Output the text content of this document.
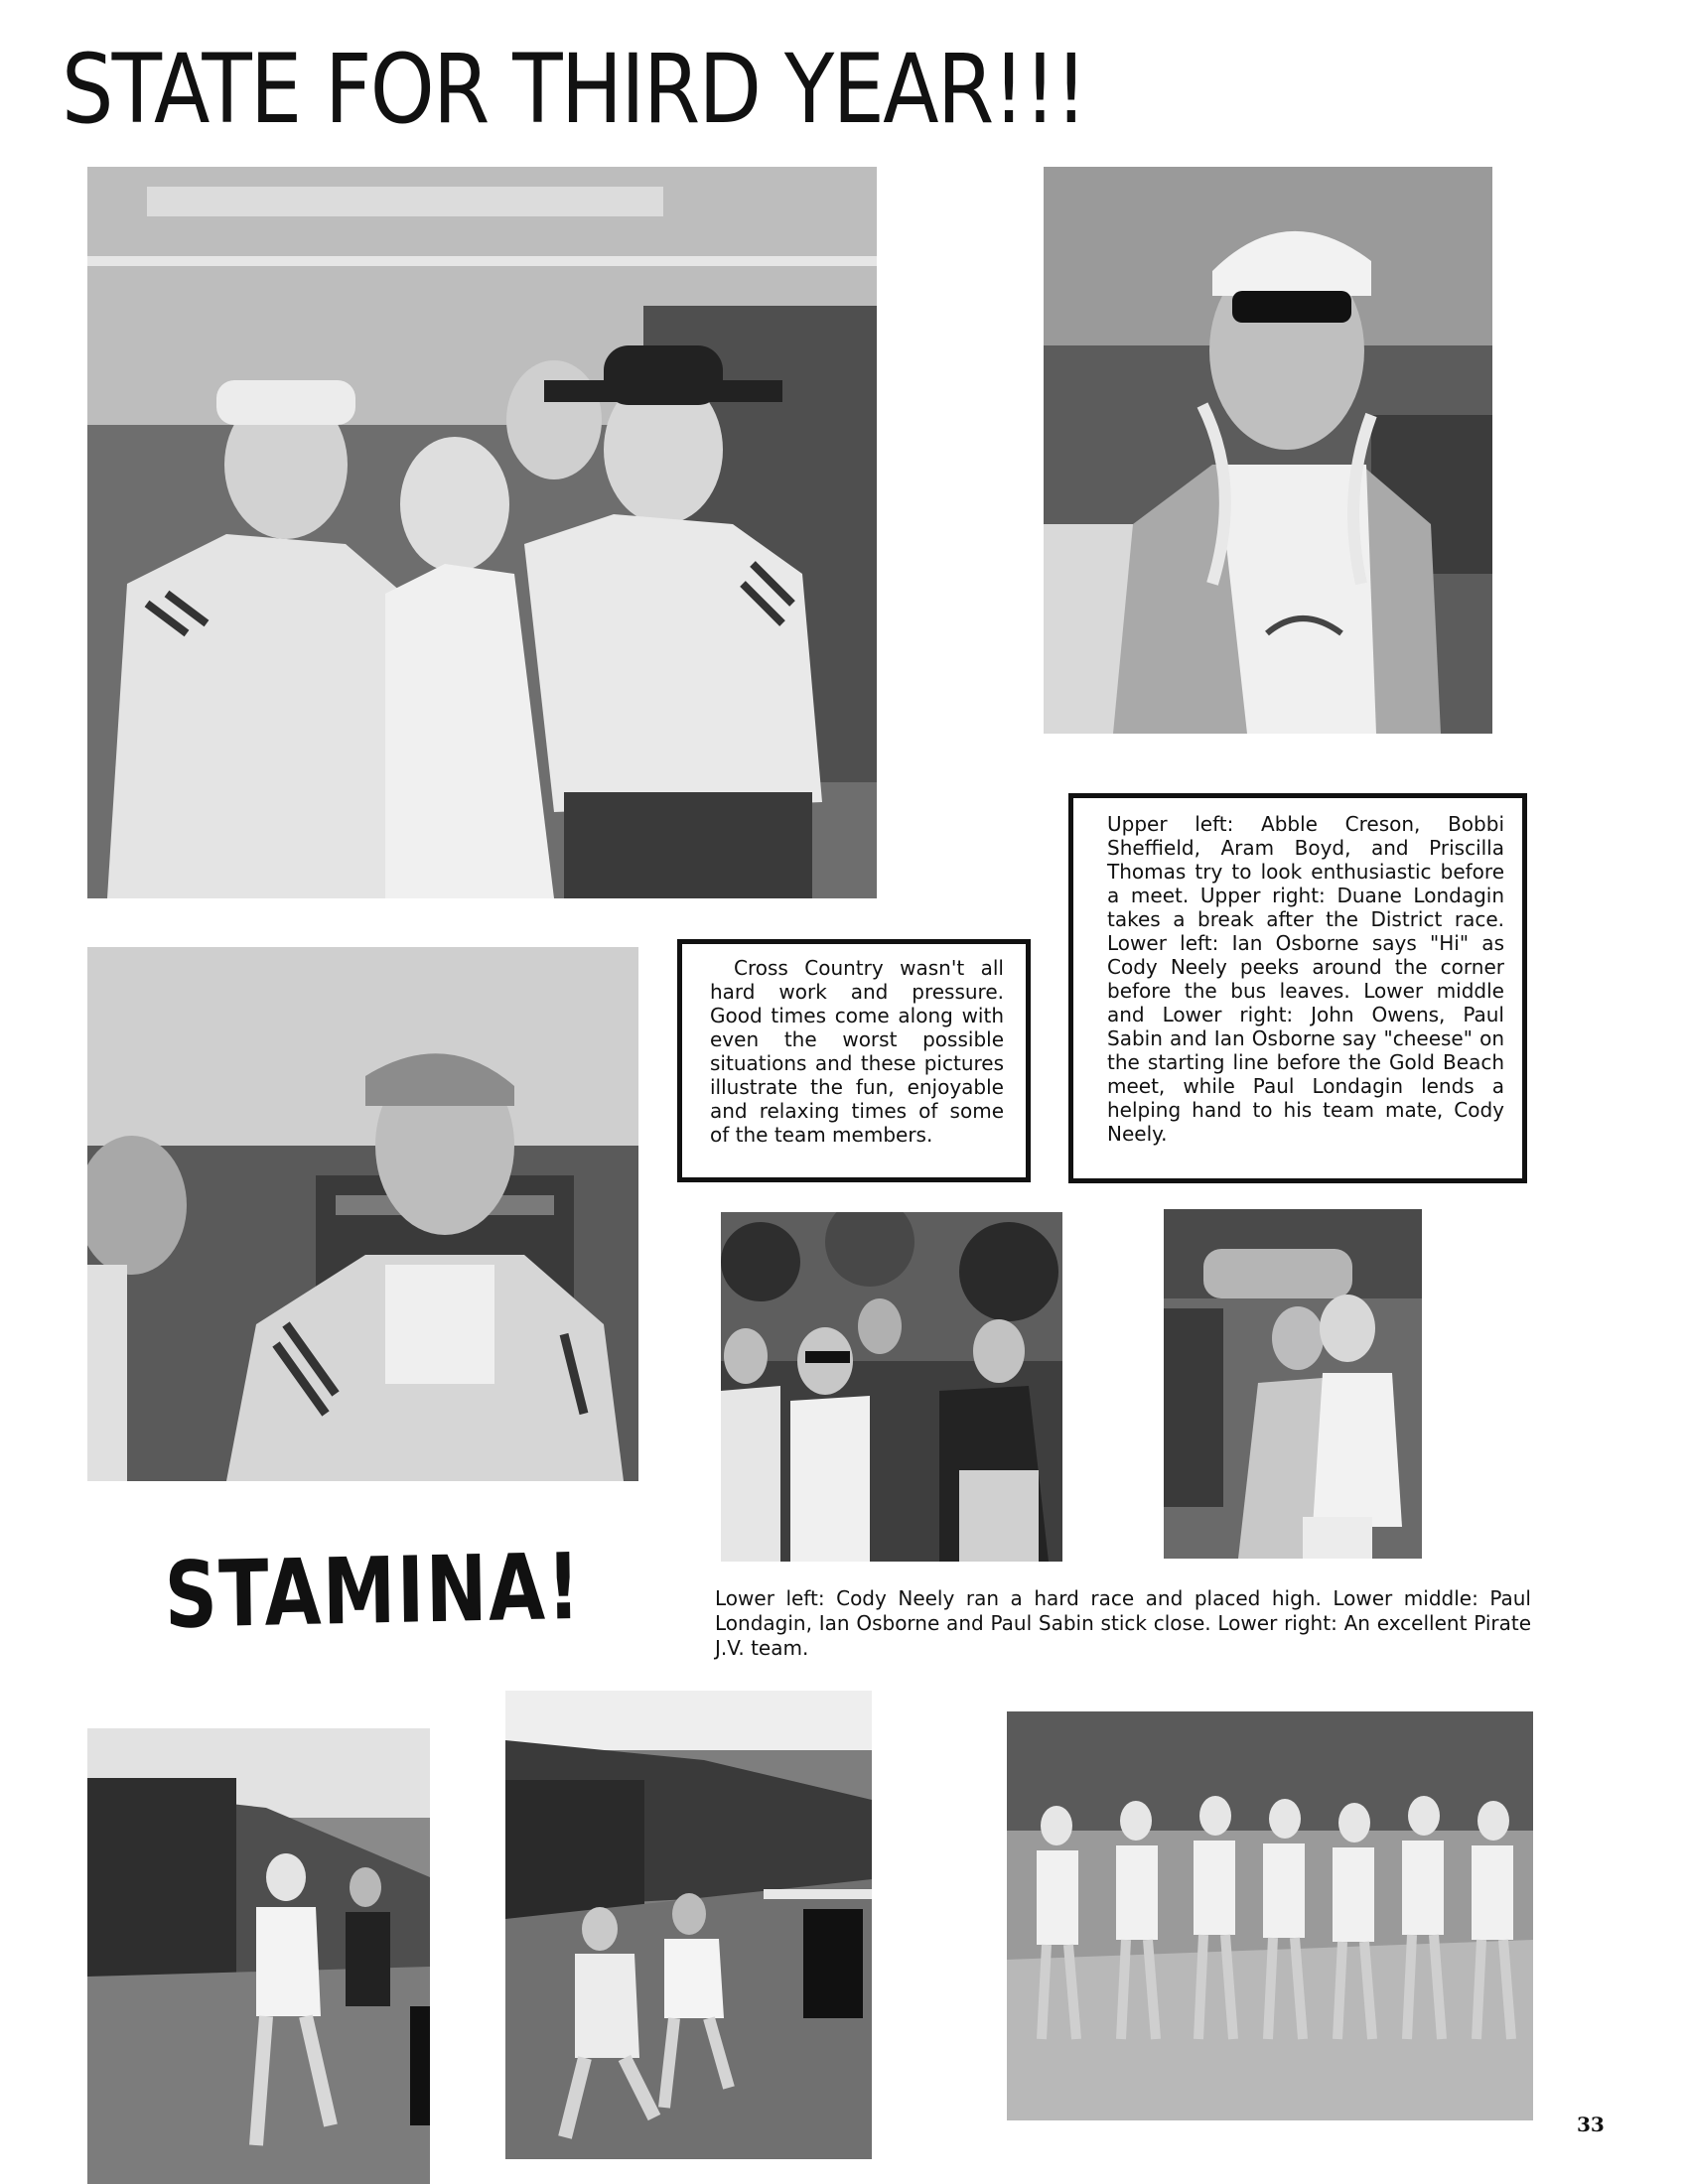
STATE FOR THIRD YEAR!!!

Cross Country wasn't all hard work and pressure. Good times come along with even the worst possible situations and these pictures illustrate the fun, enjoyable and relaxing times of some of the team members.

Upper left: Abble Creson, Bobbi Sheffield, Aram Boyd, and Priscilla Thomas try to look enthusiastic before a meet. Upper right: Duane Londagin takes a break after the District race. Lower left: Ian Osborne says "Hi" as Cody Neely peeks around the corner before the bus leaves. Lower middle and Lower right: John Owens, Paul Sabin and Ian Osborne say "cheese" on the starting line before the Gold Beach meet, while Paul Londagin lends a helping hand to his team mate, Cody Neely.

STAMINA!	Lower left: Cody Neely ran a hard race and placed high. Lower middle: Paul Londagin, Ian Osborne and Paul Sabin stick close. Lower right: An excellent Pirate J.V. team.

33
